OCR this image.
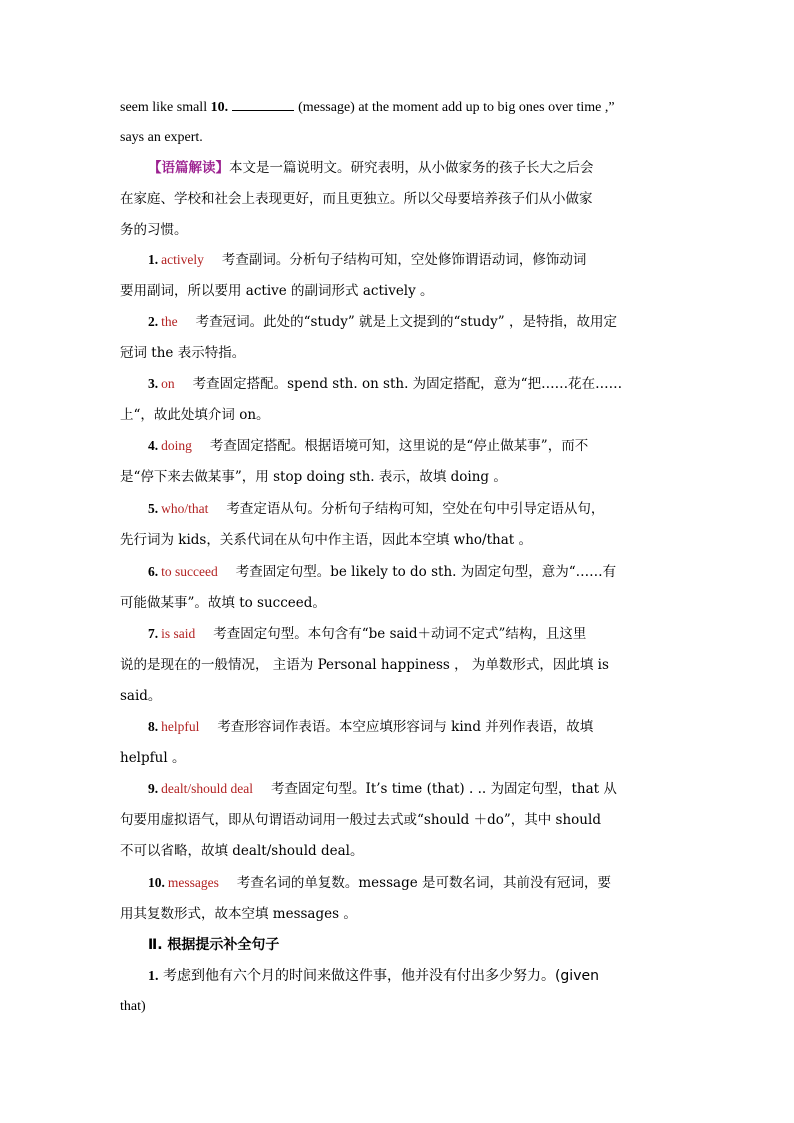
seem like small 10.	(message) at the moment add up to big ones over time ,”
says an expert.
【语篇解读】本文是一篇说明文。研究表明，从小做家务的孩子长大之后会
在家庭、学校和社会上表现更好，而且更独立。所以父母要培养孩子们从小做家
务的习惯。
1. actively 考查副词。分析句子结构可知，空处修饰谓语动词，修饰动词
要用副词，所以要用 active 的副词形式 actively 。
2. the 考查冠词。此处的“study” 就是上文提到的“study” ，是特指，故用定
冠词 the 表示特指。
3. on 考查固定搭配。spend sth. on sth. 为固定搭配，意为“把……花在……
上“，故此处填介词 on。
4. doing 考查固定搭配。根据语境可知，这里说的是“停止做某事”，而不
是“停下来去做某事”，用 stop doing sth. 表示，故填 doing 。
5. who/that 考查定语从句。分析句子结构可知，空处在句中引导定语从句，
先行词为 kids，关系代词在从句中作主语，因此本空填 who/that 。
6. to succeed 考查固定句型。be likely to do sth. 为固定句型，意为“……有
可能做某事”。故填 to succeed。
7. is said 考查固定句型。本句含有“be said＋动词不定式”结构，且这里
说的是现在的一般情况， 主语为 Personal happiness ， 为单数形式，因此填 is
said。
8. helpful 考查形容词作表语。本空应填形容词与 kind 并列作表语，故填
helpful 。
9. dealt/should deal 考查固定句型。It’s time (that) . .. 为固定句型，that 从
句要用虚拟语气，即从句谓语动词用一般过去式或“should ＋do”，其中 should
不可以省略，故填 dealt/should deal。
10. messages 考查名词的单复数。message 是可数名词，其前没有冠词，要
用其复数形式，故本空填 messages 。
Ⅱ. 根据提示补全句子
1. 考虑到他有六个月的时间来做这件事，他并没有付出多少努力。(given
that)
